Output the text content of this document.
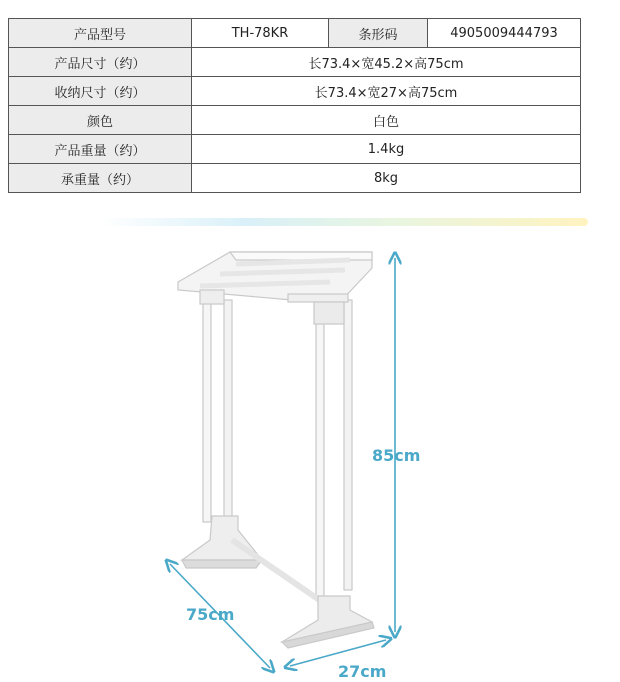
产品型号	TH-78KR	条形码	4905009444793
产品尺寸（约）	长73.4×宽45.2×高75cm		
收纳尺寸（约）	长73.4×宽27×高75cm		
颜色	白色		
产品重量（约）	1.4kg		
承重量（约）	8kg		
85cm
75cm
27cm
